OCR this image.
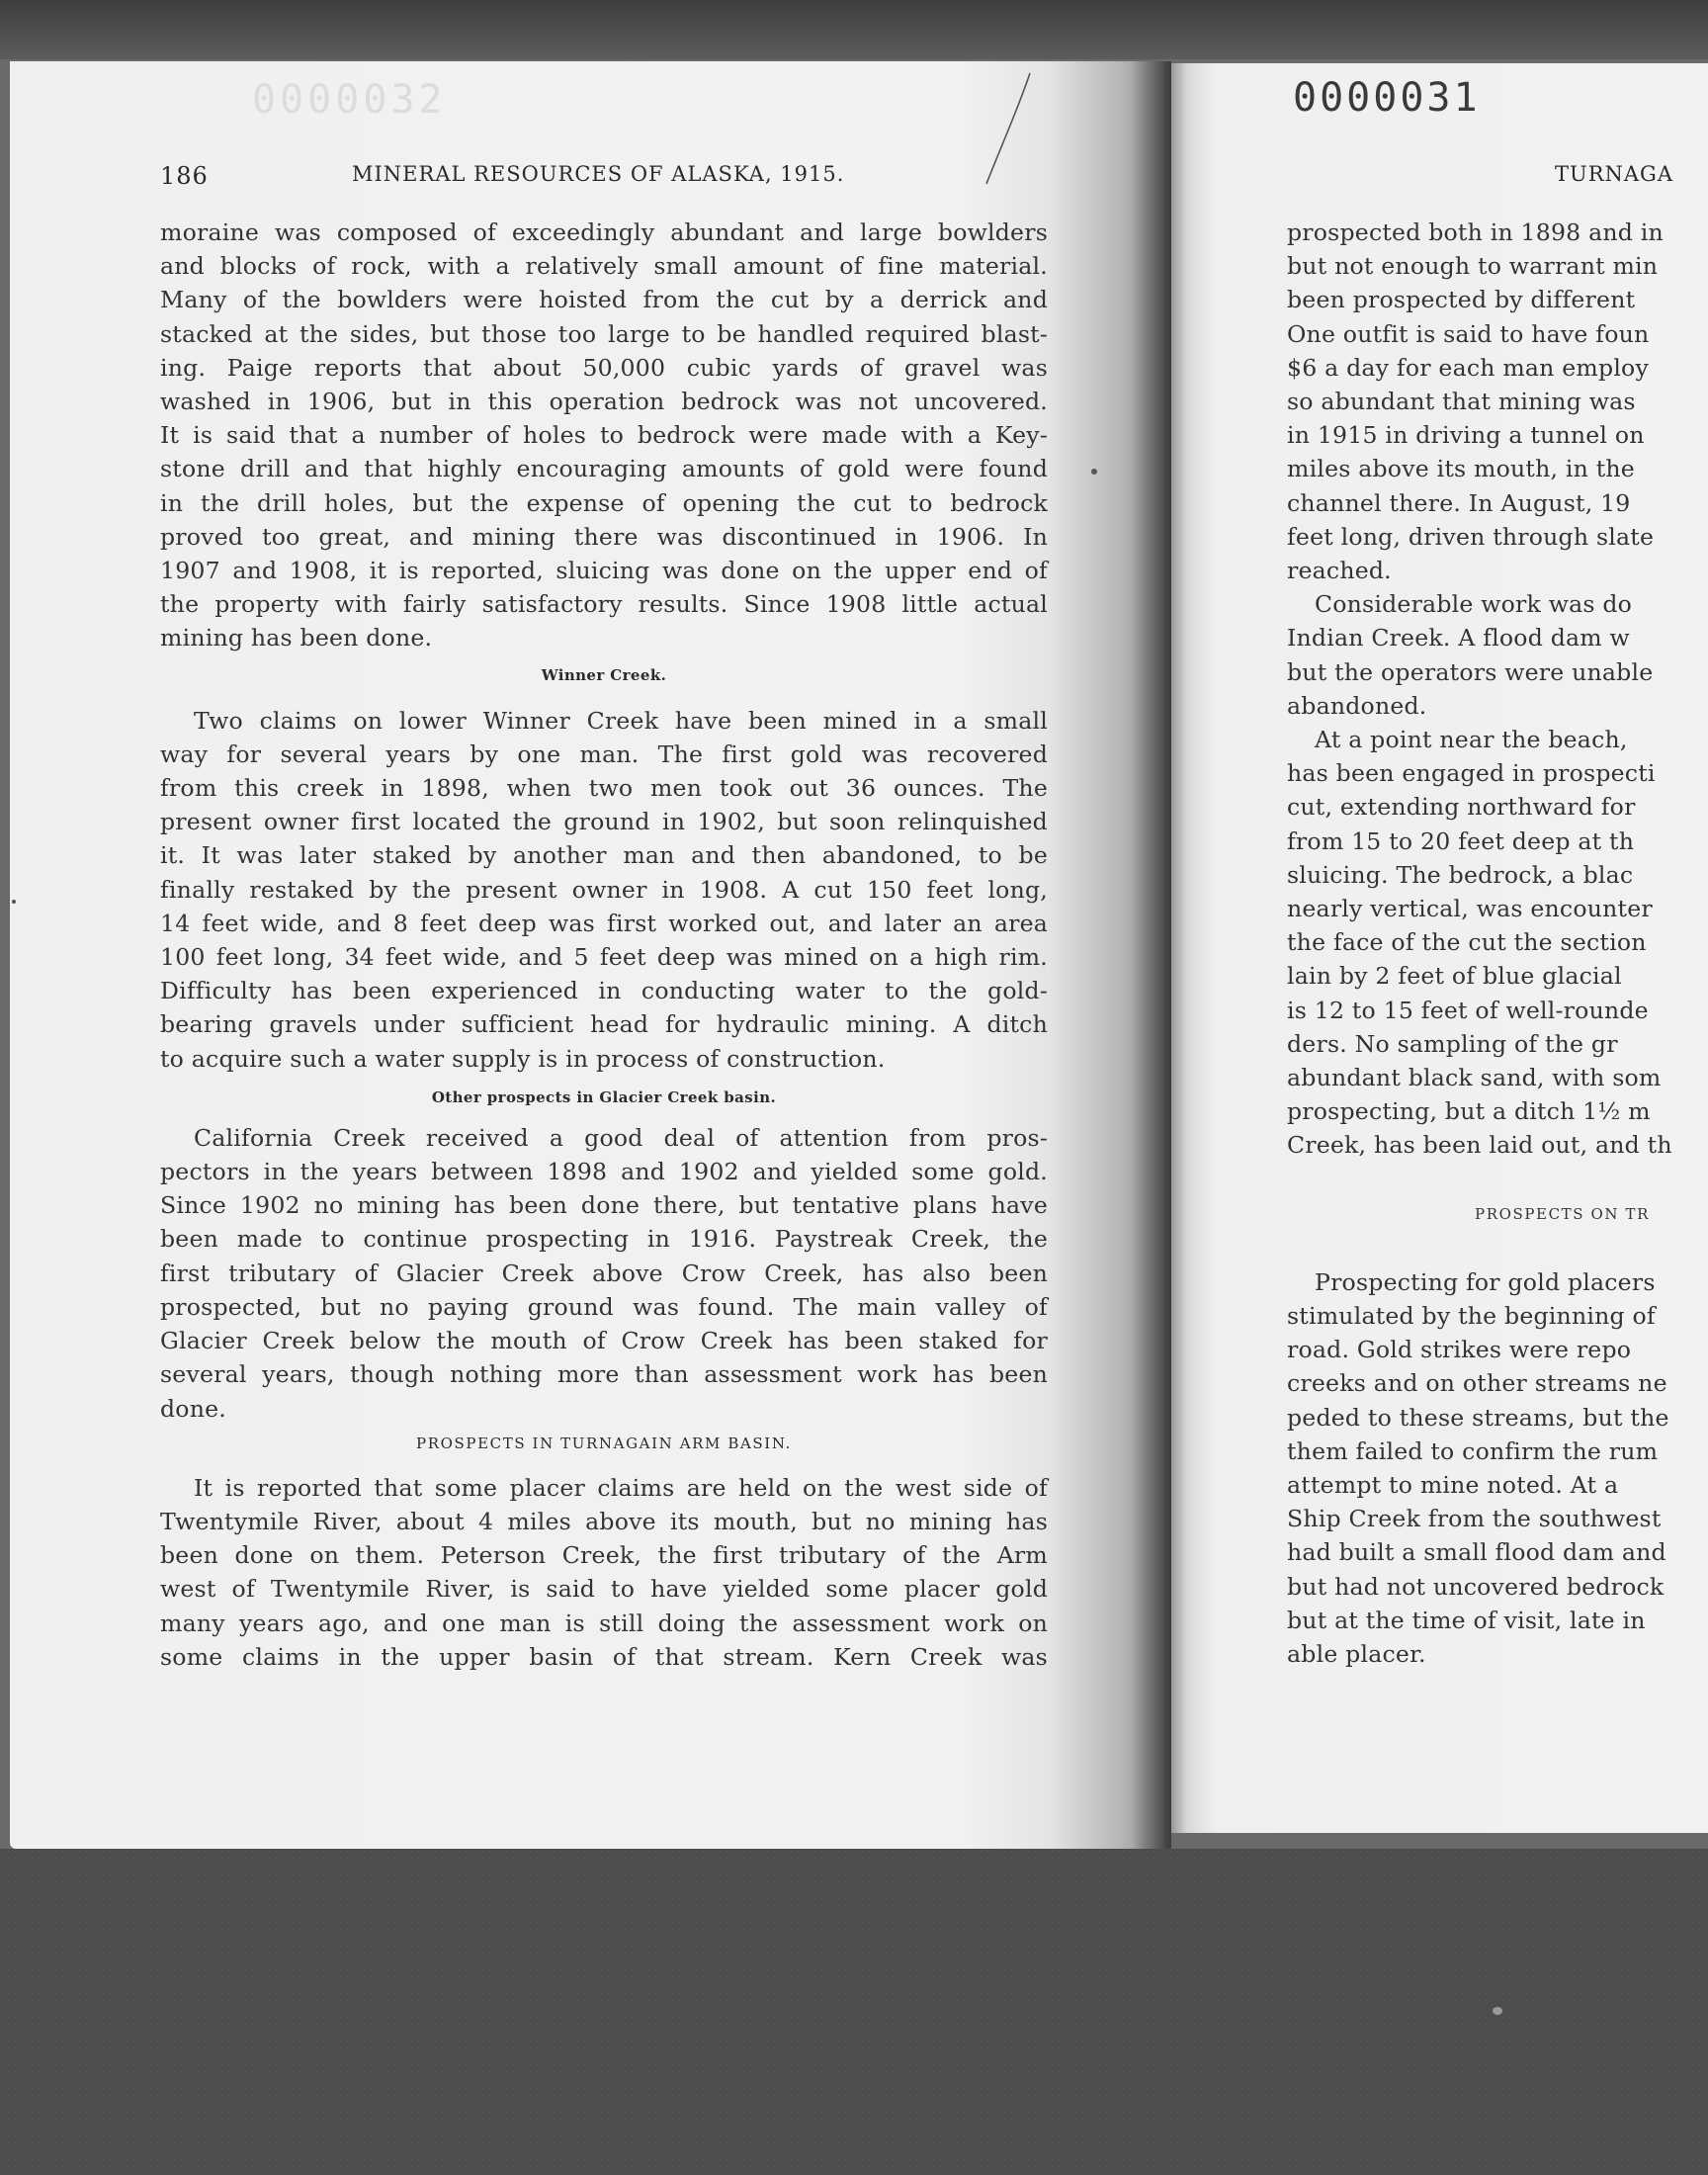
0000032	0000031
186	MINERAL RESOURCES OF ALASKA, 1915.	TURNAGA
moraine was composed of exceedingly abundant and large bowlders
and blocks of rock, with a relatively small amount of fine material.
Many of the bowlders were hoisted from the cut by a derrick and
stacked at the sides, but those too large to be handled required blast-
ing. Paige reports that about 50,000 cubic yards of gravel was
washed in 1906, but in this operation bedrock was not uncovered.
It is said that a number of holes to bedrock were made with a Key-
stone drill and that highly encouraging amounts of gold were found
in the drill holes, but the expense of opening the cut to bedrock
proved too great, and mining there was discontinued in 1906. In
1907 and 1908, it is reported, sluicing was done on the upper end of
the property with fairly satisfactory results. Since 1908 little actual
mining has been done.
Winner Creek.
Two claims on lower Winner Creek have been mined in a small
way for several years by one man. The first gold was recovered
from this creek in 1898, when two men took out 36 ounces. The
present owner first located the ground in 1902, but soon relinquished
it. It was later staked by another man and then abandoned, to be
finally restaked by the present owner in 1908. A cut 150 feet long,
14 feet wide, and 8 feet deep was first worked out, and later an area
100 feet long, 34 feet wide, and 5 feet deep was mined on a high rim.
Difficulty has been experienced in conducting water to the gold-
bearing gravels under sufficient head for hydraulic mining. A ditch
to acquire such a water supply is in process of construction.
Other prospects in Glacier Creek basin.
California Creek received a good deal of attention from pros-
pectors in the years between 1898 and 1902 and yielded some gold.
Since 1902 no mining has been done there, but tentative plans have
been made to continue prospecting in 1916. Paystreak Creek, the
first tributary of Glacier Creek above Crow Creek, has also been
prospected, but no paying ground was found. The main valley of
Glacier Creek below the mouth of Crow Creek has been staked for
several years, though nothing more than assessment work has been
done.
PROSPECTS IN TURNAGAIN ARM BASIN.
It is reported that some placer claims are held on the west side of
Twentymile River, about 4 miles above its mouth, but no mining has
been done on them. Peterson Creek, the first tributary of the Arm
west of Twentymile River, is said to have yielded some placer gold
many years ago, and one man is still doing the assessment work on
some claims in the upper basin of that stream. Kern Creek was
prospected both in 1898 and in
but not enough to warrant min
been prospected by different
One outfit is said to have foun
$6 a day for each man employ
so abundant that mining was
in 1915 in driving a tunnel on
miles above its mouth, in the
channel there. In August, 19
feet long, driven through slate
reached.
Considerable work was do
Indian Creek. A flood dam w
but the operators were unable
abandoned.
At a point near the beach,
has been engaged in prospecti
cut, extending northward for
from 15 to 20 feet deep at th
sluicing. The bedrock, a blac
nearly vertical, was encounter
the face of the cut the section
lain by 2 feet of blue glacial
is 12 to 15 feet of well-rounde
ders. No sampling of the gr
abundant black sand, with som
prospecting, but a ditch 1½ m
Creek, has been laid out, and th
PROSPECTS ON TR
Prospecting for gold placers
stimulated by the beginning of
road. Gold strikes were repo
creeks and on other streams ne
peded to these streams, but the
them failed to confirm the rum
attempt to mine noted. At a
Ship Creek from the southwest
had built a small flood dam and
but had not uncovered bedrock
but at the time of visit, late in
able placer.
